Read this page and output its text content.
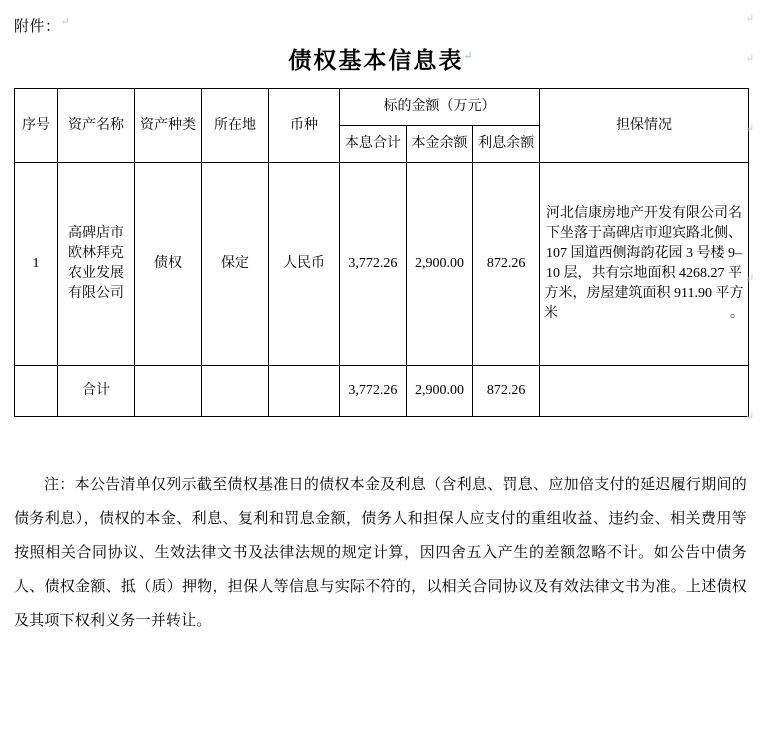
附件：↵
债权基本信息表↵
序号	资产名称	资产种类	所在地	币种	标的金额（万元）			担保情况
					本息合计	本金余额	利息余额	
1	高碑店市欧林拜克农业发展有限公司	债权	保定	人民币	3,772.26	2,900.00	872.26	河北信康房地产开发有限公司名下坐落于高碑店市迎宾路北侧、107 国道西侧海韵花园 3 号楼 9–10 层，共有宗地面积 4268.27 平方米，房屋建筑面积 911.90 平方米。
	合计				3,772.26	2,900.00	872.26	
注：本公告清单仅列示截至债权基准日的债权本金及利息（含利息、罚息、应加倍支付的延迟履行期间的债务利息），债权的本金、利息、复利和罚息金额，债务人和担保人应支付的重组收益、违约金、相关费用等按照相关合同协议、生效法律文书及法律法规的规定计算，因四舍五入产生的差额忽略不计。如公告中债务人、债权金额、抵（质）押物，担保人等信息与实际不符的，以相关合同协议及有效法律文书为准。上述债权及其项下权利义务一并转让。
↵
↵
↵
↵
↵
